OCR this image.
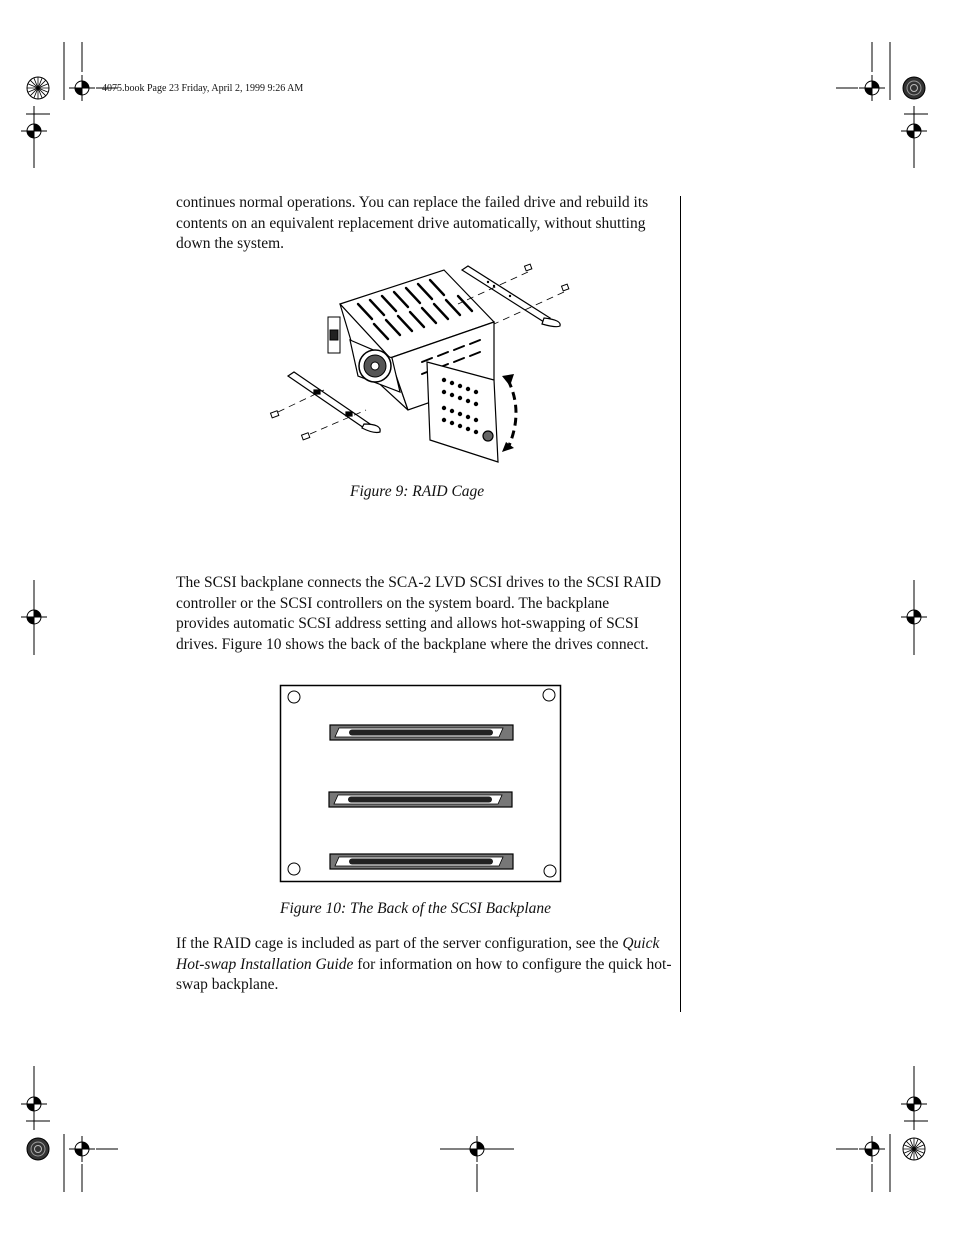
4075.book Page 23 Friday, April 2, 1999 9:26 AM

continues normal operations. You can replace the failed drive and rebuild its contents on an equivalent replacement drive automatically, without shutting down the system.

Figure 9: RAID Cage

The SCSI backplane connects the SCA-2 LVD SCSI drives to the SCSI RAID controller or the SCSI controllers on the system board. The backplane provides automatic SCSI address setting and allows hot-swapping of SCSI drives. Figure 10 shows the back of the backplane where the drives connect.

Figure 10: The Back of the SCSI Backplane

If the RAID cage is included as part of the server configuration, see the Quick Hot-swap Installation Guide for information on how to configure the quick hot-swap backplane.
